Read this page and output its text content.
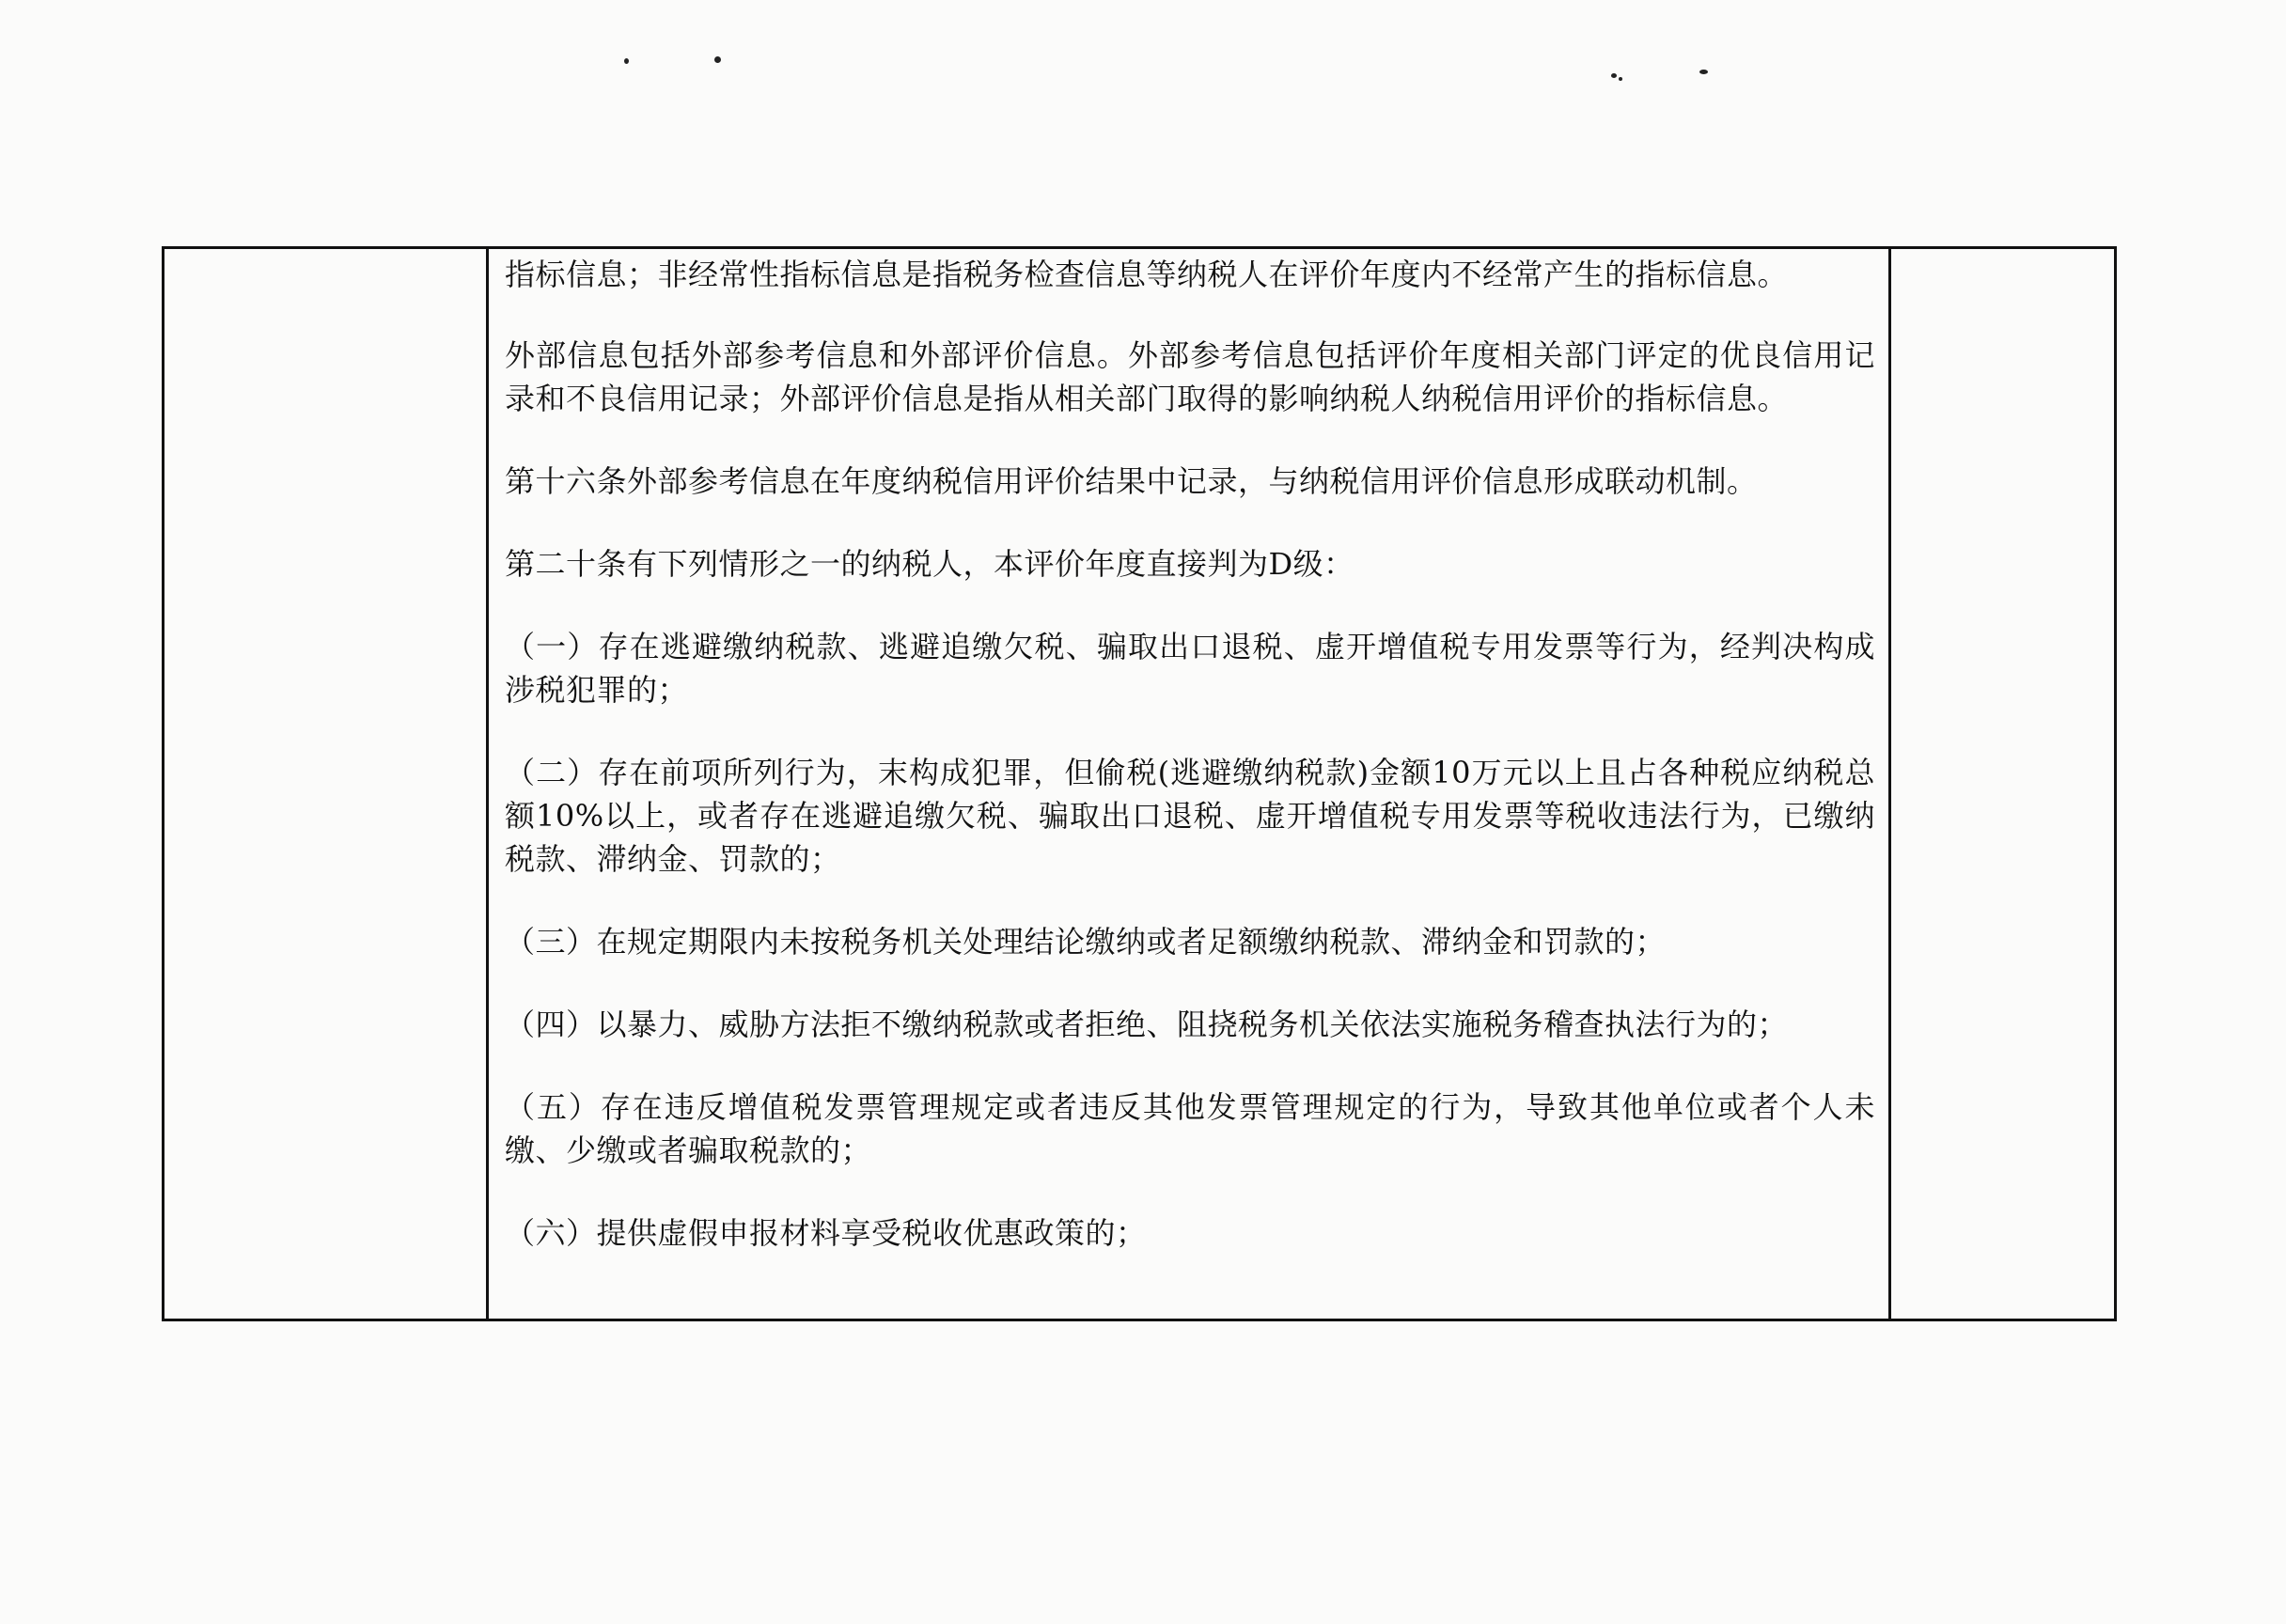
指标信息；非经常性指标信息是指税务检查信息等纳税人在评价年度内不经常产生的指标信息。

外部信息包括外部参考信息和外部评价信息。外部参考信息包括评价年度相关部门评定的优良信用记录和不良信用记录；外部评价信息是指从相关部门取得的影响纳税人纳税信用评价的指标信息。

第十六条外部参考信息在年度纳税信用评价结果中记录，与纳税信用评价信息形成联动机制。

第二十条有下列情形之一的纳税人，本评价年度直接判为D级：

（一）存在逃避缴纳税款、逃避追缴欠税、骗取出口退税、虚开增值税专用发票等行为，经判决构成涉税犯罪的；

（二）存在前项所列行为，末构成犯罪，但偷税(逃避缴纳税款)金额10万元以上且占各种税应纳税总额10%以上，或者存在逃避追缴欠税、骗取出口退税、虚开增值税专用发票等税收违法行为，已缴纳税款、滞纳金、罚款的；

（三）在规定期限内未按税务机关处理结论缴纳或者足额缴纳税款、滞纳金和罚款的；

（四）以暴力、威胁方法拒不缴纳税款或者拒绝、阻挠税务机关依法实施税务稽查执法行为的；

（五）存在违反增值税发票管理规定或者违反其他发票管理规定的行为，导致其他单位或者个人未缴、少缴或者骗取税款的；

（六）提供虚假申报材料享受税收优惠政策的；
